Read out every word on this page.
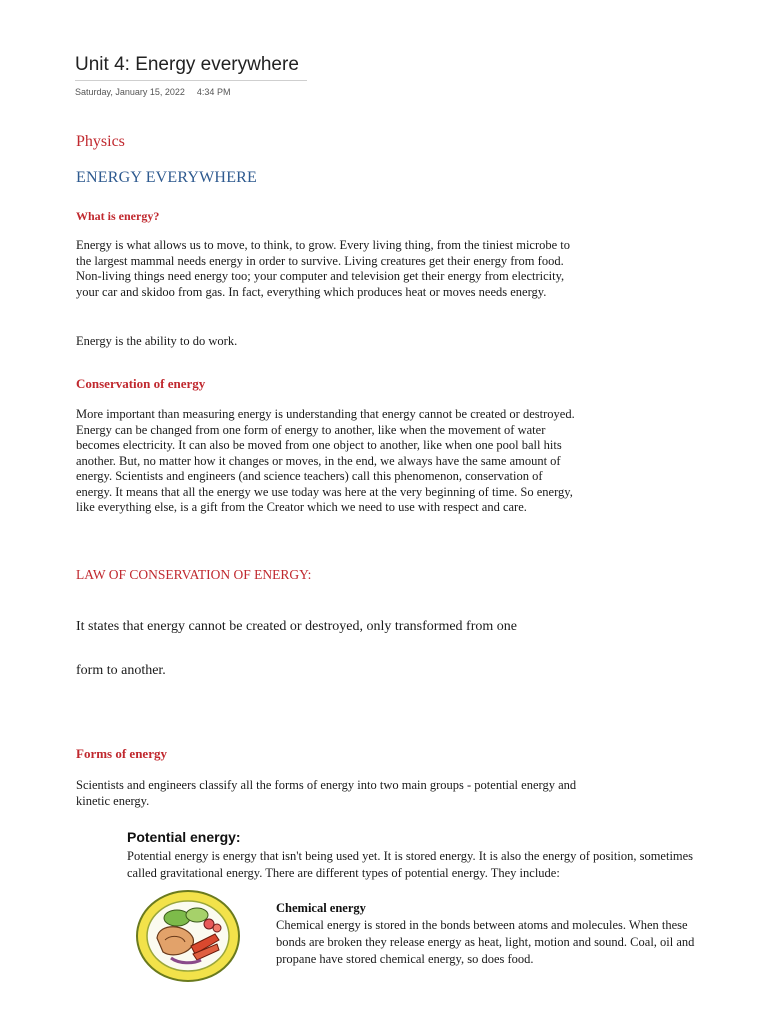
Unit 4: Energy everywhere
Saturday, January 15, 2022 4:34 PM
Physics
ENERGY EVERYWHERE
What is energy?
Energy is what allows us to move, to think, to grow. Every living thing, from the tiniest microbe to the largest mammal needs energy in order to survive. Living creatures get their energy from food. Non-living things need energy too; your computer and television get their energy from electricity, your car and skidoo from gas. In fact, everything which produces heat or moves needs energy.
Energy is the ability to do work.
Conservation of energy
More important than measuring energy is understanding that energy cannot be created or destroyed. Energy can be changed from one form of energy to another, like when the movement of water becomes electricity. It can also be moved from one object to another, like when one pool ball hits another. But, no matter how it changes or moves, in the end, we always have the same amount of energy. Scientists and engineers (and science teachers) call this phenomenon, conservation of energy. It means that all the energy we use today was here at the very beginning of time. So energy, like everything else, is a gift from the Creator which we need to use with respect and care.
LAW OF CONSERVATION OF ENERGY:
It states that energy cannot be created or destroyed, only transformed from one
form to another.
Forms of energy
Scientists and engineers classify all the forms of energy into two main groups - potential energy and kinetic energy.
Potential energy:
Potential energy is energy that isn't being used yet. It is stored energy. It is also the energy of position, sometimes called gravitational energy. There are different types of potential energy. They include:
Chemical energy
Chemical energy is stored in the bonds between atoms and molecules. When these bonds are broken they release energy as heat, light, motion and sound. Coal, oil and propane have stored chemical energy, so does food.
